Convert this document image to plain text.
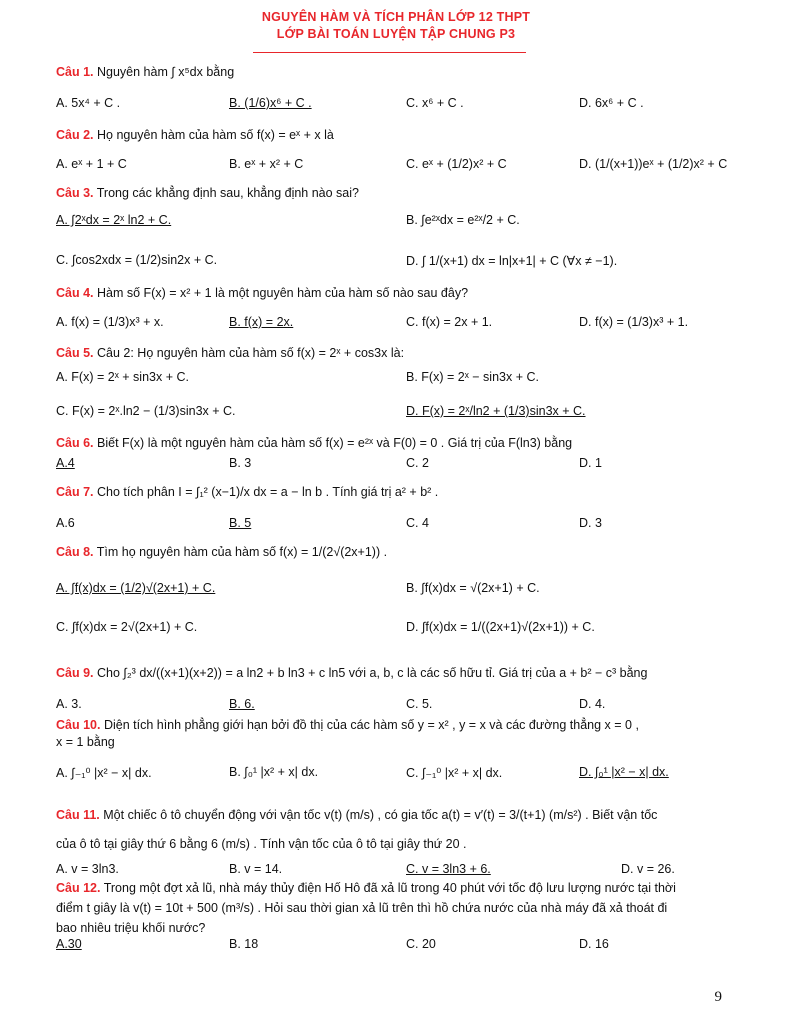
NGUYÊN HÀM VÀ TÍCH PHÂN LỚP 12 THPT
LỚP BÀI TOÁN LUYỆN TẬP CHUNG P3
Câu 1. Nguyên hàm ∫ x⁵dx bằng
A. 5x⁴ + C .	B. (1/6)x⁶ + C .	C. x⁶ + C .	D. 6x⁶ + C .
Câu 2. Họ nguyên hàm của hàm số f(x) = eˣ + x là
A. eˣ + 1 + C	B. eˣ + x² + C	C. eˣ + (1/2)x² + C	D. (1/(x+1))eˣ + (1/2)x² + C
Câu 3. Trong các khẳng định sau, khẳng định nào sai?
A. ∫2ˣdx = 2ˣ ln2 + C.	B. ∫e²ˣdx = e²ˣ/2 + C.
C. ∫cos2xdx = (1/2)sin2x + C.	D. ∫ 1/(x+1) dx = ln|x+1| + C (∀x ≠ −1).
Câu 4. Hàm số F(x) = x² + 1 là một nguyên hàm của hàm số nào sau đây?
A. f(x) = (1/3)x³ + x.	B. f(x) = 2x.	C. f(x) = 2x + 1.	D. f(x) = (1/3)x³ + 1.
Câu 5. Câu 2: Họ nguyên hàm của hàm số f(x) = 2ˣ + cos3x là:
A. F(x) = 2ˣ + sin3x + C.	B. F(x) = 2ˣ − sin3x + C.
C. F(x) = 2ˣ.ln2 − (1/3)sin3x + C.	D. F(x) = 2ˣ/ln2 + (1/3)sin3x + C.
Câu 6. Biết F(x) là một nguyên hàm của hàm số f(x) = e²ˣ và F(0) = 0 . Giá trị của F(ln3) bằng
A.4	B. 3	C. 2	D. 1
Câu 7. Cho tích phân I = ∫₁² (x−1)/x dx = a − ln b . Tính giá trị a² + b² .
A.6	B. 5	C. 4	D. 3
Câu 8. Tìm họ nguyên hàm của hàm số f(x) = 1/(2√(2x+1)) .
A. ∫f(x)dx = (1/2)√(2x+1) + C.	B. ∫f(x)dx = √(2x+1) + C.
C. ∫f(x)dx = 2√(2x+1) + C.	D. ∫f(x)dx = 1/((2x+1)√(2x+1)) + C.
Câu 9. Cho ∫₂³ dx/((x+1)(x+2)) = a ln2 + b ln3 + c ln5 với a, b, c là các số hữu tỉ. Giá trị của a + b² − c³ bằng
A. 3.	B. 6.	C. 5.	D. 4.
Câu 10. Diện tích hình phẳng giới hạn bởi đồ thị của các hàm số y = x² , y = x và các đường thẳng x = 0 ,
x = 1 bằng
A. ∫₋₁⁰ |x² − x| dx.	B. ∫₀¹ |x² + x| dx.	C. ∫₋₁⁰ |x² + x| dx.	D. ∫₀¹ |x² − x| dx.
Câu 11. Một chiếc ô tô chuyển động với vận tốc v(t) (m/s) , có gia tốc a(t) = v′(t) = 3/(t+1) (m/s²) . Biết vận tốc
của ô tô tại giây thứ 6 bằng 6 (m/s) . Tính vận tốc của ô tô tại giây thứ 20 .
A. v = 3ln3.	B. v = 14.	C. v = 3ln3 + 6.	D. v = 26.
Câu 12. Trong một đợt xả lũ, nhà máy thủy điện Hố Hô đã xả lũ trong 40 phút với tốc độ lưu lượng nước tại thời
điểm t giây là v(t) = 10t + 500 (m³/s) . Hỏi sau thời gian xả lũ trên thì hồ chứa nước của nhà máy đã xả thoát đi
bao nhiêu triệu khối nước?
A.30	B. 18	C. 20	D. 16
9
